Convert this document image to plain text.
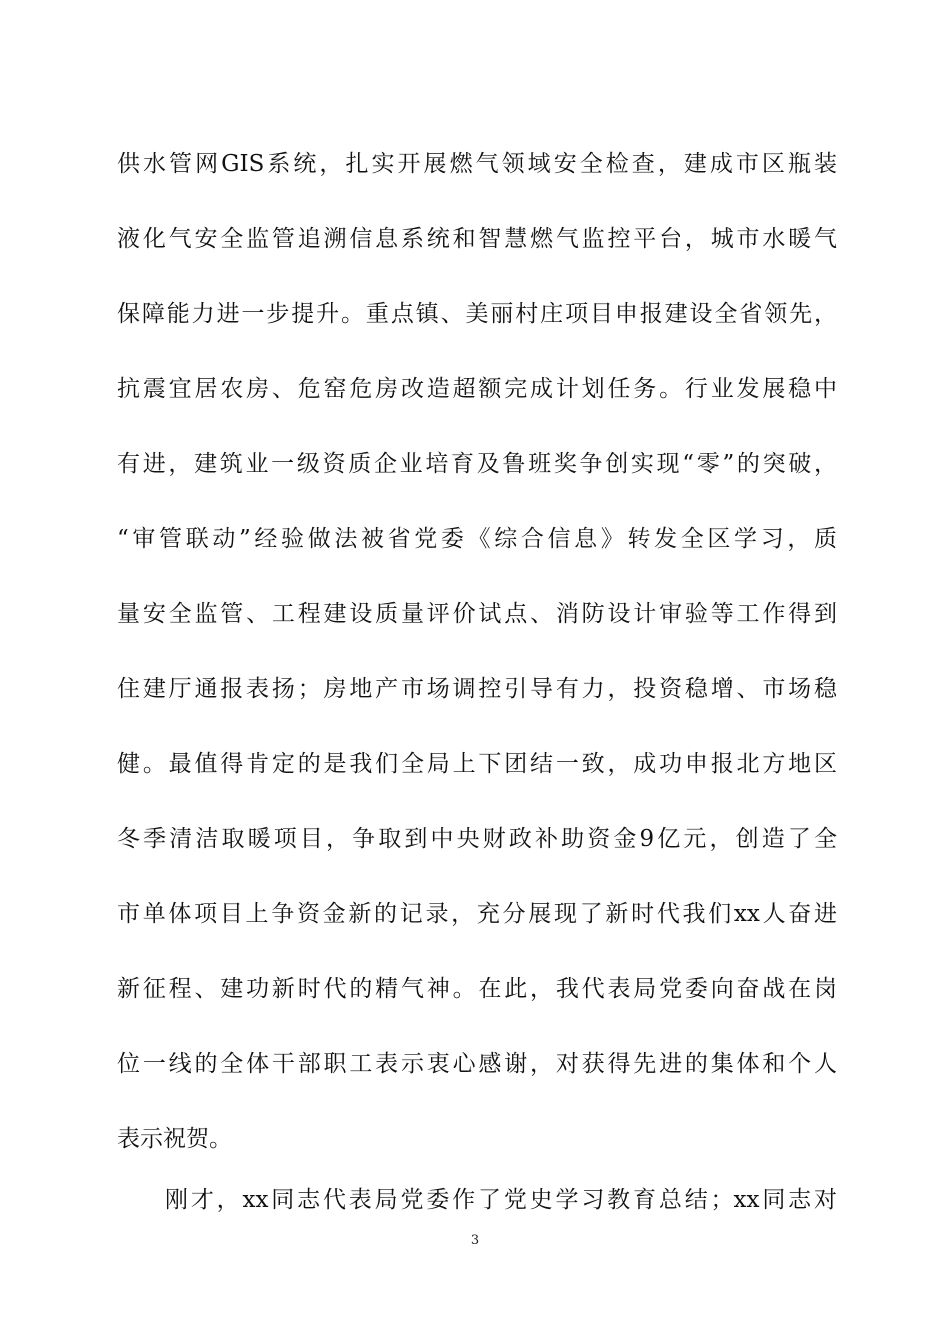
供水管网GIS系统，扎实开展燃气领域安全检查，建成市区瓶装
液化气安全监管追溯信息系统和智慧燃气监控平台，城市水暖气
保障能力进一步提升。重点镇、美丽村庄项目申报建设全省领先，
抗震宜居农房、危窑危房改造超额完成计划任务。行业发展稳中
有进，建筑业一级资质企业培育及鲁班奖争创实现“零”的突破，
“审管联动”经验做法被省党委《综合信息》转发全区学习，质
量安全监管、工程建设质量评价试点、消防设计审验等工作得到
住建厅通报表扬；房地产市场调控引导有力，投资稳增、市场稳
健。最值得肯定的是我们全局上下团结一致，成功申报北方地区
冬季清洁取暖项目，争取到中央财政补助资金9亿元，创造了全
市单体项目上争资金新的记录，充分展现了新时代我们xx人奋进
新征程、建功新时代的精气神。在此，我代表局党委向奋战在岗
位一线的全体干部职工表示衷心感谢，对获得先进的集体和个人
表示祝贺。
刚才，xx同志代表局党委作了党史学习教育总结；xx同志对
3
